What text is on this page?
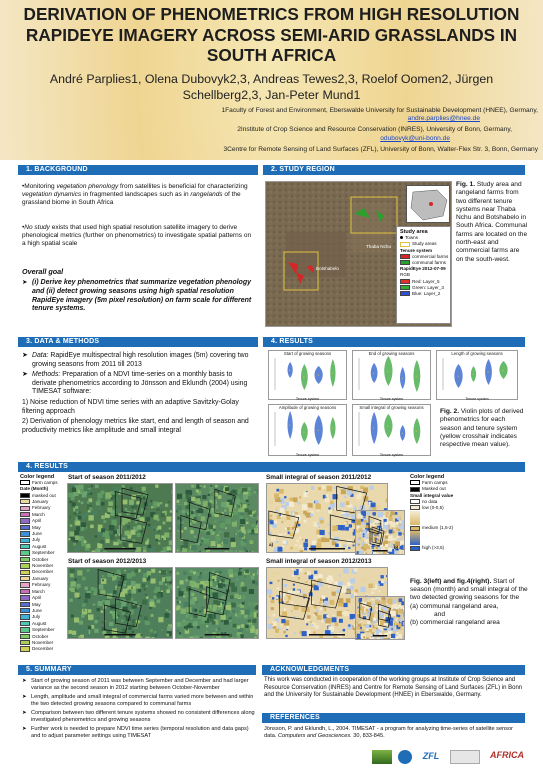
DERIVATION OF PHENOMETRICS FROM HIGH RESOLUTION RAPIDEYE IMAGERY ACROSS SEMI-ARID GRASSLANDS IN SOUTH AFRICA
André Parplies1, Olena Dubovyk2,3, Andreas Tewes2,3, Roelof Oomen2, Jürgen
Schellberg2,3, Jan-Peter Mund1
1Faculty of Forest and Environment, Eberswalde University for Sustainable Development (HNEE), Germany,
andre.parplies@hnee.de
2Institute of Crop Science and Resource Conservation (INRES), University of Bonn, Germany,
odubovyk@uni-bonn.de
3Centre for Remote Sensing of Land Surfaces (ZFL), University of Bonn, Walter-Flex Str. 3, Bonn, Germany
1. BACKGROUND
•Monitoring vegetation phenology from satellites is beneficial for characterizing vegetation dynamics in fragmented landscapes such as in rangelands of the grassland biome in South Africa
•No study exists that used high spatial resolution satellite imagery to derive phenological metrics (further on phenometrics) to investigate spatial patterns on a high spatial scale
Overall goal
➤ (i) Derive key phenometrics that summarize vegetation phenology and (ii) detect growing seasons using high spatial resolution RapidEye imagery (5m pixel resolution) on farm scale for different tenure systems.
2. STUDY REGION
Thaba Nchu
Botshabelo
Study area
Towns
Study areas
Tenure system
commercial farms
communal farms
RapidEye 2012-07-09
RGB
Red: Layer_5
Green: Layer_3
Blue: Layer_2
Fig. 1. Study area and rangeland farms from two different tenure systems near Thaba Nchu and Botshabelo in South Africa. Communal farms are located on the north-east and commercial farms are on the south-west.
3. DATA & METHODS
➤ Data: RapidEye multispectral high resolution images (5m) covering two growing seasons from 2011 till 2013
➤ Methods: Preparation of a NDVI time-series on a monthly basis to derivate phenometrics according to Jönsson and Eklundh (2004) using TIMESAT software:
1) Noise reduction of NDVI time series with an adaptive Savitzky-Golay filtering approach
2) Derivation of phenology metrics like start, end and length of season and productivity metrics like amplitude and small integral
4. RESULTS
Start of growing seasons
+
+	+	+
Tenure system
End of growing seasons
+	+
+	+
Tenure system
Length of growing seasons
+	+	+	+
Tenure system
Amplitude of growing seasons
+
+	+	+
Tenure system
Small integral of growing seasons
+	+
+	+
Tenure system
Fig. 2. Violin plots of derived phenometrics for each season and tenure system (yellow crosshair indicates respective mean value).
4. RESULTS
Color legend
Farm camps
Date (Month)
masked out
January
February
March
April
May
June
July
August
September
October
November
December
January
February
March
April
May
June
July
August
September
October
November
December
Start of season 2011/2012	Small integral of season 2011/2012
Start of season 2012/2013	Small integral of season 2012/2013
a)
b)
Color legend
Farm camps
Masked out
Small integral value
no data
low (0-0,5)
medium (1,5-2)
high (>3,5)
Fig. 3(left) and fig.4(right). Start of season (month) and small integral of the two detected growing seasons for the
(a) communal rangeland area,
and
(b) commercial rangeland area
5. SUMMARY
➤ Start of growing season of 2011 was between September and December and had larger variance as the second season in 2012 starting between October-November
➤ Length, amplitude and small integral of commercial farms varied more between and within the two detected growing seasons compared to communal farms
➤ Comparison between two different tenure systems showed no consistent differences along investigated phenometrics and growing seasons
➤ Further work is needed to prepare NDVI time series (temporal resolution and data gaps) and to adjust parameter settings using TIMESAT
ACKNOWLEDGMENTS
This work was conducted in cooperation of the working groups at Institute of Crop Science and Resource Conservation (INRES) and Centre for Remote Sensing of Land Surfaces (ZFL) in Bonn and the University for Sustainable Development (HNEE) in Eberswalde, Germany.
REFERENCES
Jönsson, P. and Eklundh, L., 2004. TIMESAT - a program for analyzing time-series of satellite sensor data. Computers and Geosciences. 30, 833-845.
ZFL	AFRICA
